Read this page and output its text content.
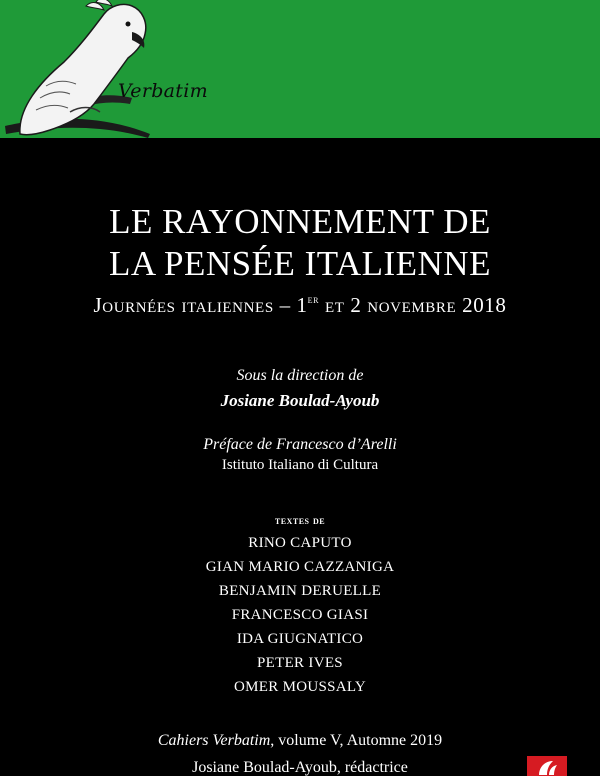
Verbatim
LE RAYONNEMENT DE
LA PENSÉE ITALIENNE
Journées italiennes – 1er et 2 novembre 2018
Sous la direction de
Josiane Boulad-Ayoub
Préface de Francesco d’Arelli
Istituto Italiano di Cultura
textes de
RINO CAPUTO
GIAN MARIO CAZZANIGA
BENJAMIN DERUELLE
FRANCESCO GIASI
IDA GIUGNATICO
PETER IVES
OMER MOUSSALY
Cahiers Verbatim, volume V, Automne 2019
Josiane Boulad-Ayoub, rédactrice
